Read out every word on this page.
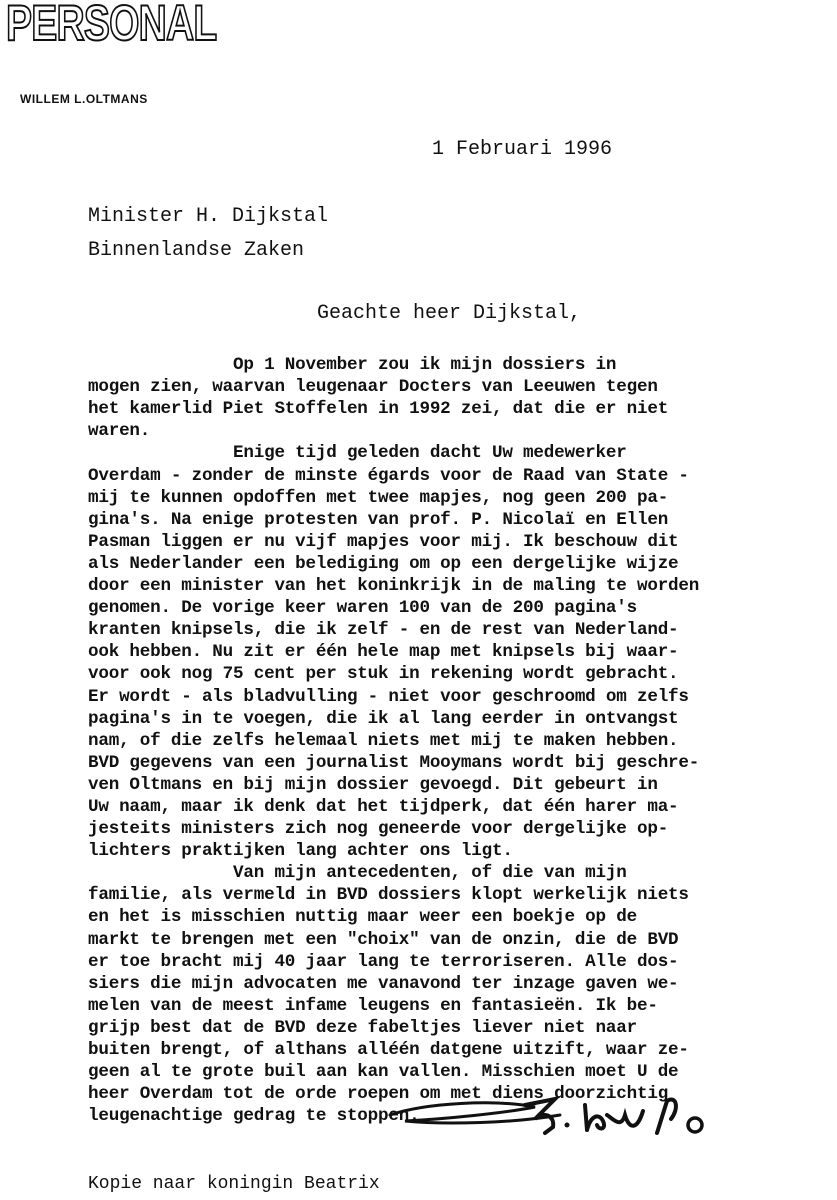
PERSONAL

WILLEM L.OLTMANS

1 Februari 1996

Minister H. Dijkstal
Binnenlandse Zaken

Geachte heer Dijkstal,

Op 1 November zou ik mijn dossiers in
mogen zien, waarvan leugenaar Docters van Leeuwen tegen
het kamerlid Piet Stoffelen in 1992 zei, dat die er niet
waren.

Enige tijd geleden dacht Uw medewerker
Overdam - zonder de minste égards voor de Raad van State -
mij te kunnen opdoffen met twee mapjes, nog geen 200 pa-
gina's. Na enige protesten van prof. P. Nicolaï en Ellen
Pasman liggen er nu vijf mapjes voor mij. Ik beschouw dit
als Nederlander een belediging om op een dergelijke wijze
door een minister van het koninkrijk in de maling te worden
genomen. De vorige keer waren 100 van de 200 pagina's
kranten knipsels, die ik zelf - en de rest van Nederland-
ook hebben. Nu zit er één hele map met knipsels bij waar-
voor ook nog 75 cent per stuk in rekening wordt gebracht.
Er wordt - als bladvulling - niet voor geschroomd om zelfs
pagina's in te voegen, die ik al lang eerder in ontvangst
nam, of die zelfs helemaal niets met mij te maken hebben.
BVD gegevens van een journalist Mooymans wordt bij geschre-
ven Oltmans en bij mijn dossier gevoegd. Dit gebeurt in
Uw naam, maar ik denk dat het tijdperk, dat één harer ma-
jesteits ministers zich nog geneerde voor dergelijke op-
lichters praktijken lang achter ons ligt.

Van mijn antecedenten, of die van mijn
familie, als vermeld in BVD dossiers klopt werkelijk niets
en het is misschien nuttig maar weer een boekje op de
markt te brengen met een "choix" van de onzin, die de BVD
er toe bracht mij 40 jaar lang te terroriseren. Alle dos-
siers die mijn advocaten me vanavond ter inzage gaven we-
melen van de meest infame leugens en fantasieën. Ik be-
grijp best dat de BVD deze fabeltjes liever niet naar
buiten brengt, of althans alléén datgene uitzift, waar ze-
geen al te grote buil aan kan vallen. Misschien moet U de
heer Overdam tot de orde roepen om met diens doorzichtig
leugenachtige gedrag te stoppen.

Kopie naar koningin Beatrix
